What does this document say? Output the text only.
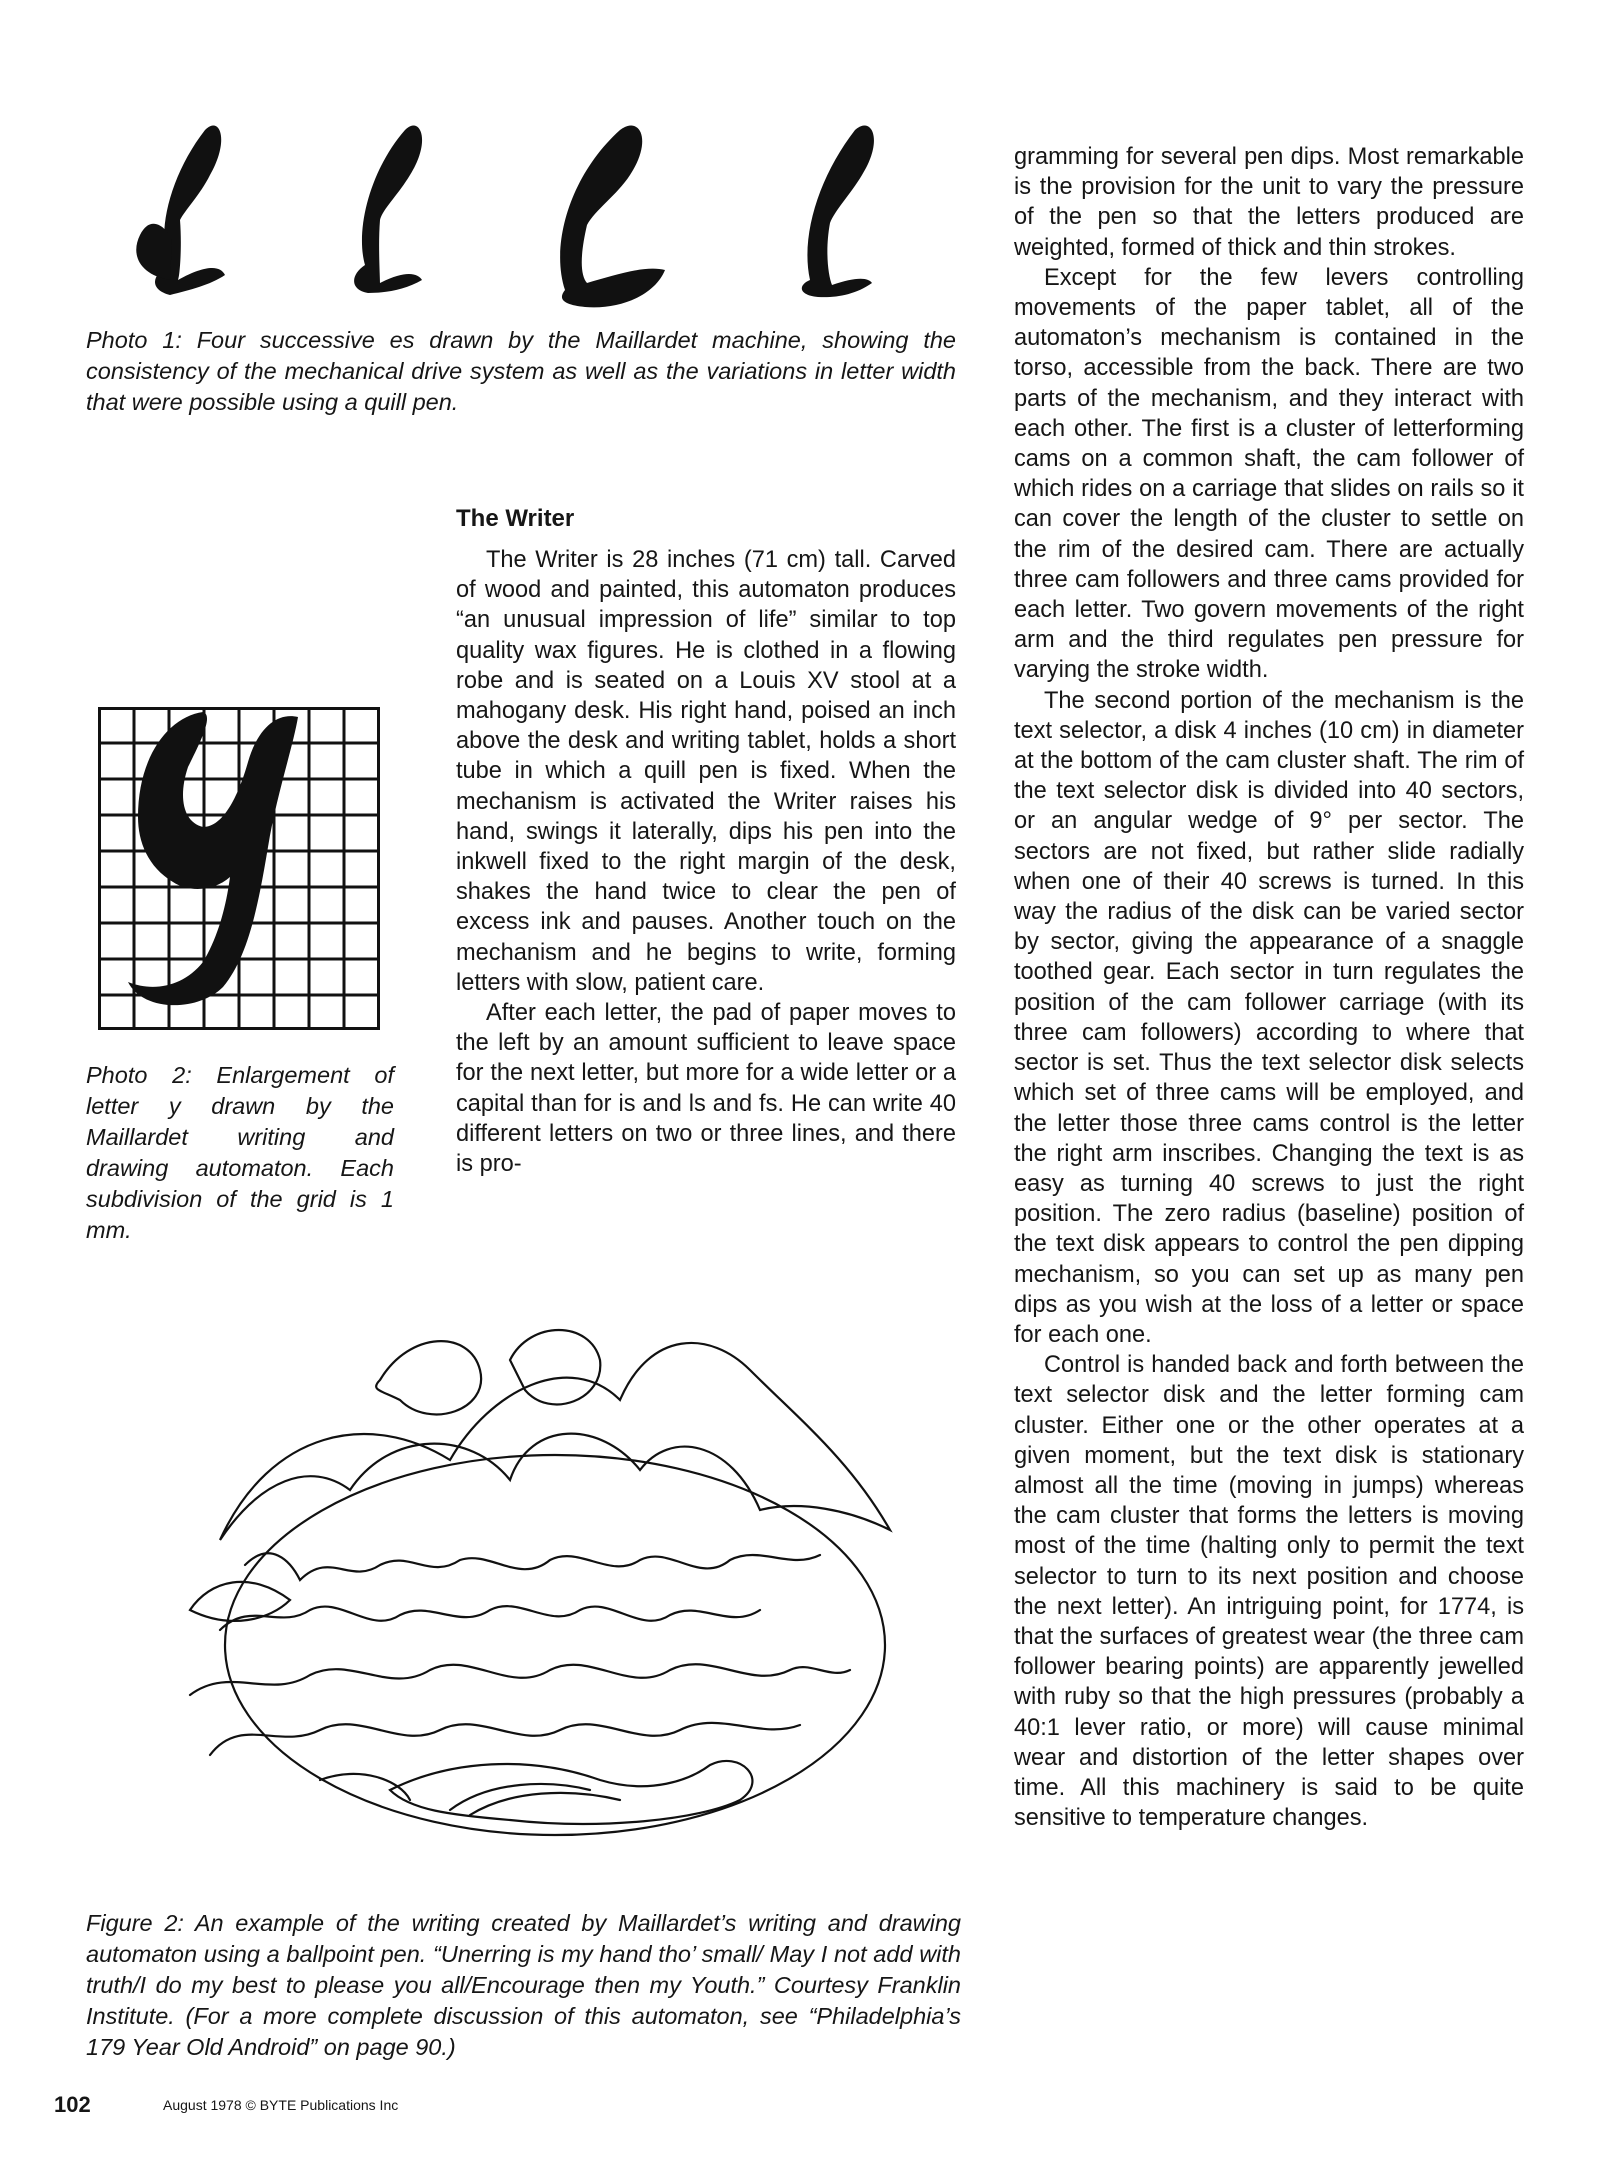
Photo 1: Four successive es drawn by the Maillardet machine, showing the consistency of the mechanical drive system as well as the variations in letter width that were possible using a quill pen.

Photo 2: Enlargement of letter y drawn by the Maillardet writing and drawing automaton. Each subdivision of the grid is 1 mm.

The Writer

The Writer is 28 inches (71 cm) tall. Carved of wood and painted, this automaton produces “an unusual impression of life” similar to top quality wax figures. He is clothed in a flowing robe and is seated on a Louis XV stool at a mahogany desk. His right hand, poised an inch above the desk and writing tablet, holds a short tube in which a quill pen is fixed. When the mechanism is activated the Writer raises his hand, swings it laterally, dips his pen into the inkwell fixed to the right margin of the desk, shakes the hand twice to clear the pen of excess ink and pauses. Another touch on the mechanism and he begins to write, forming letters with slow, patient care.

After each letter, the pad of paper moves to the left by an amount sufficient to leave space for the next letter, but more for a wide letter or a capital than for is and ls and fs. He can write 40 different letters on two or three lines, and there is pro-

gramming for several pen dips. Most remarkable is the provision for the unit to vary the pressure of the pen so that the letters produced are weighted, formed of thick and thin strokes.

Except for the few levers controlling movements of the paper tablet, all of the automaton’s mechanism is contained in the torso, accessible from the back. There are two parts of the mechanism, and they interact with each other. The first is a cluster of letterforming cams on a common shaft, the cam follower of which rides on a carriage that slides on rails so it can cover the length of the cluster to settle on the rim of the desired cam. There are actually three cam followers and three cams provided for each letter. Two govern movements of the right arm and the third regulates pen pressure for varying the stroke width.

The second portion of the mechanism is the text selector, a disk 4 inches (10 cm) in diameter at the bottom of the cam cluster shaft. The rim of the text selector disk is divided into 40 sectors, or an angular wedge of 9° per sector. The sectors are not fixed, but rather slide radially when one of their 40 screws is turned. In this way the radius of the disk can be varied sector by sector, giving the appearance of a snaggle toothed gear. Each sector in turn regulates the position of the cam follower carriage (with its three cam followers) according to where that sector is set. Thus the text selector disk selects which set of three cams will be employed, and the letter those three cams control is the letter the right arm inscribes. Changing the text is as easy as turning 40 screws to just the right position. The zero radius (baseline) position of the text disk appears to control the pen dipping mechanism, so you can set up as many pen dips as you wish at the loss of a letter or space for each one.

Control is handed back and forth between the text selector disk and the letter forming cam cluster. Either one or the other operates at a given moment, but the text disk is stationary almost all the time (moving in jumps) whereas the cam cluster that forms the letters is moving most of the time (halting only to permit the text selector to turn to its next position and choose the next letter). An intriguing point, for 1774, is that the surfaces of greatest wear (the three cam follower bearing points) are apparently jewelled with ruby so that the high pressures (probably a 40:1 lever ratio, or more) will cause minimal wear and distortion of the letter shapes over time. All this machinery is said to be quite sensitive to temperature changes.

Figure 2: An example of the writing created by Maillardet’s writing and drawing automaton using a ballpoint pen. “Unerring is my hand tho’ small/ May I not add with truth/I do my best to please you all/Encourage then my Youth.” Courtesy Franklin Institute. (For a more complete discussion of this automaton, see “Philadelphia’s 179 Year Old Android” on page 90.)

102	August 1978 © BYTE Publications Inc
